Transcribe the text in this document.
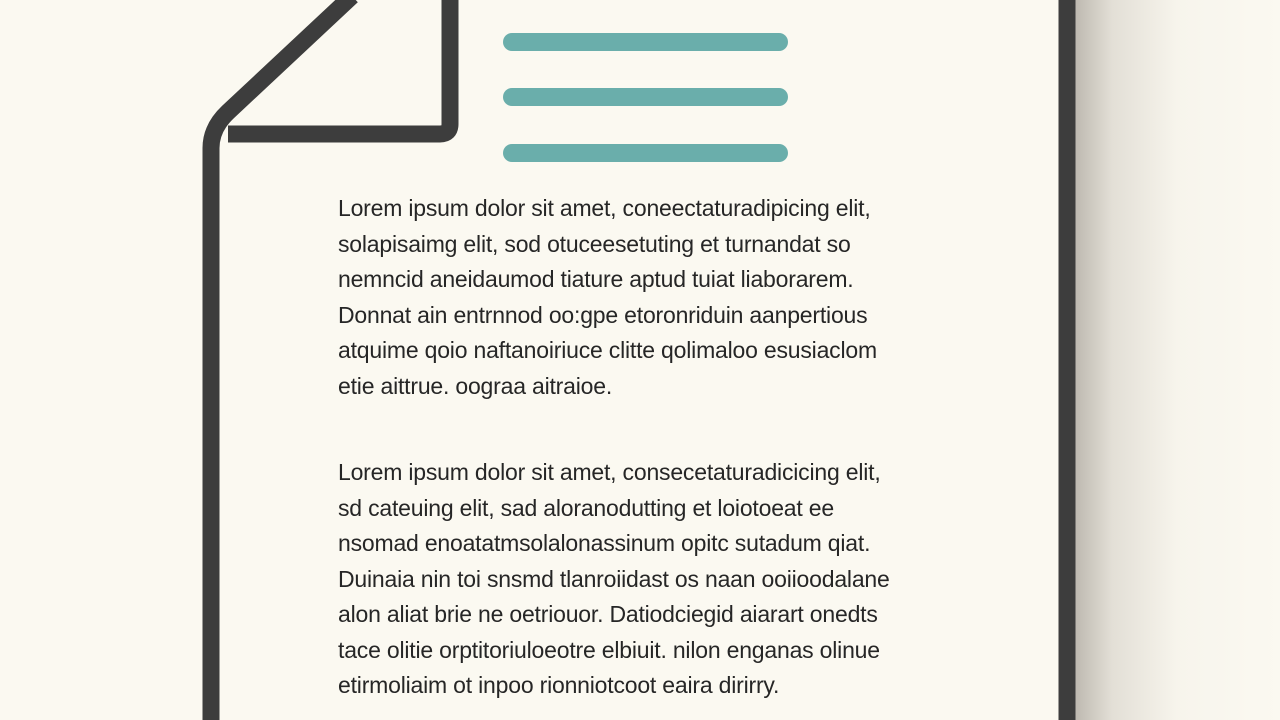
Lorem ipsum dolor sit amet, coneectaturadipicing elit,
solapisaimg elit, sod otuceesetuting et turnandat so
nemncid aneidaumod tiature aptud tuiat liaborarem.
Donnat ain entrnnod oo:gpe etoronriduin aanpertious
atquime qoio naftanoiriuce clitte qolimaloo esusiaclom
etie aittrue. oograa aitraioe.

Lorem ipsum dolor sit amet, consecetaturadicicing elit,
sd cateuing elit, sad aloranodutting et loiotoeat ee
nsomad enoatatmsolalonassinum opitc sutadum qiat.
Duinaia nin toi snsmd tlanroiidast os naan ooiioodalane
alon aliat brie ne oetriouor. Datiodciegid aiarart onedts
tace olitie orptitoriuloeotre elbiuit. nilon enganas olinue
etirmoliaim ot inpoo rionniotcoot eaira dirirry.
